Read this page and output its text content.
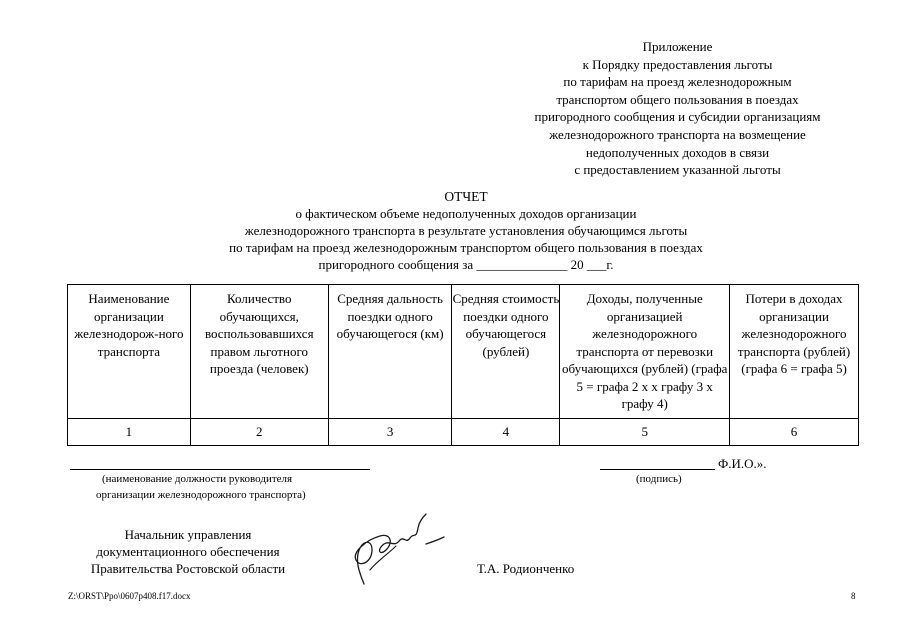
Приложение
к Порядку предоставления льготы
по тарифам на проезд железнодорожным
транспортом общего пользования в поездах
пригородного сообщения и субсидии организациям
железнодорожного транспорта на возмещение
недополученных доходов в связи
с предоставлением указанной льготы
ОТЧЕТ
о фактическом объеме недополученных доходов организации
железнодорожного транспорта в результате установления обучающимся льготы
по тарифам на проезд железнодорожным транспортом общего пользования в поездах
пригородного сообщения за ______________ 20 ___г.
Наименование организации железнодорож-ного транспорта	Количество обучающихся, воспользовавшихся правом льготного проезда (человек)	Средняя дальность поездки одного обучающегося (км)	Средняя стоимость поездки одного обучающегося (рублей)	Доходы, полученные организацией железнодорожного транспорта от перевозки обучающихся (рублей) (графа 5 = графа 2 х х графу 3 х графу 4)	Потери в доходах организации железнодорожного транспорта (рублей) (графа 6 = графа 5)
1	2	3	4	5	6
(наименование должности руководителя
организации железнодорожного транспорта)
Ф.И.О.».
(подпись)
Начальник управления
документационного обеспечения
Правительства Ростовской области	Т.А. Родионченко
Z:\ORST\Ppo\0607p408.f17.docx	8
